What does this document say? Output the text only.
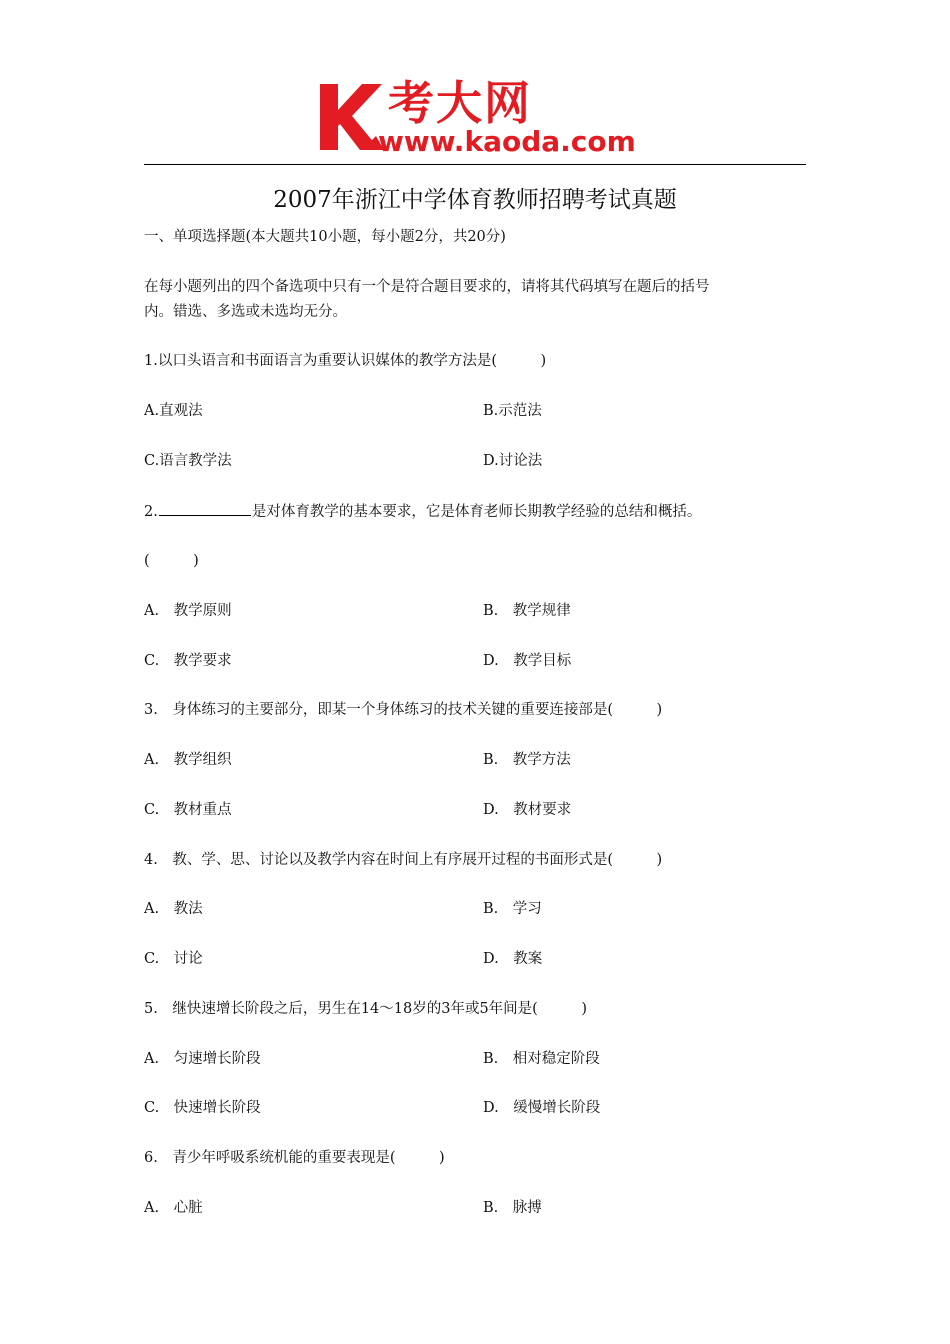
考大网
www.kaoda.com
2007年浙江中学体育教师招聘考试真题
一、单项选择题(本大题共10小题，每小题2分，共20分)
在每小题列出的四个备选项中只有一个是符合题目要求的，请将其代码填写在题后的括号
内。错选、多选或未选均无分。
1.以口头语言和书面语言为重要认识媒体的教学方法是(　　　)
A.直观法	B.示范法
C.语言教学法	D.讨论法
2.	是对体育教学的基本要求，它是体育老师长期教学经验的总结和概括。
(　　　)
A.　教学原则	B.　教学规律
C.　教学要求	D.　教学目标
3.　身体练习的主要部分，即某一个身体练习的技术关键的重要连接部是(　　　)
A.　教学组织	B.　教学方法
C.　教材重点	D.　教材要求
4.　教、学、思、讨论以及教学内容在时间上有序展开过程的书面形式是(　　　)
A.　教法	B.　学习
C.　讨论	D.　教案
5.　继快速增长阶段之后，男生在14～18岁的3年或5年间是(　　　)
A.　匀速增长阶段	B.　相对稳定阶段
C.　快速增长阶段	D.　缓慢增长阶段
6.　青少年呼吸系统机能的重要表现是(　　　)
A.　心脏	B.　脉搏
